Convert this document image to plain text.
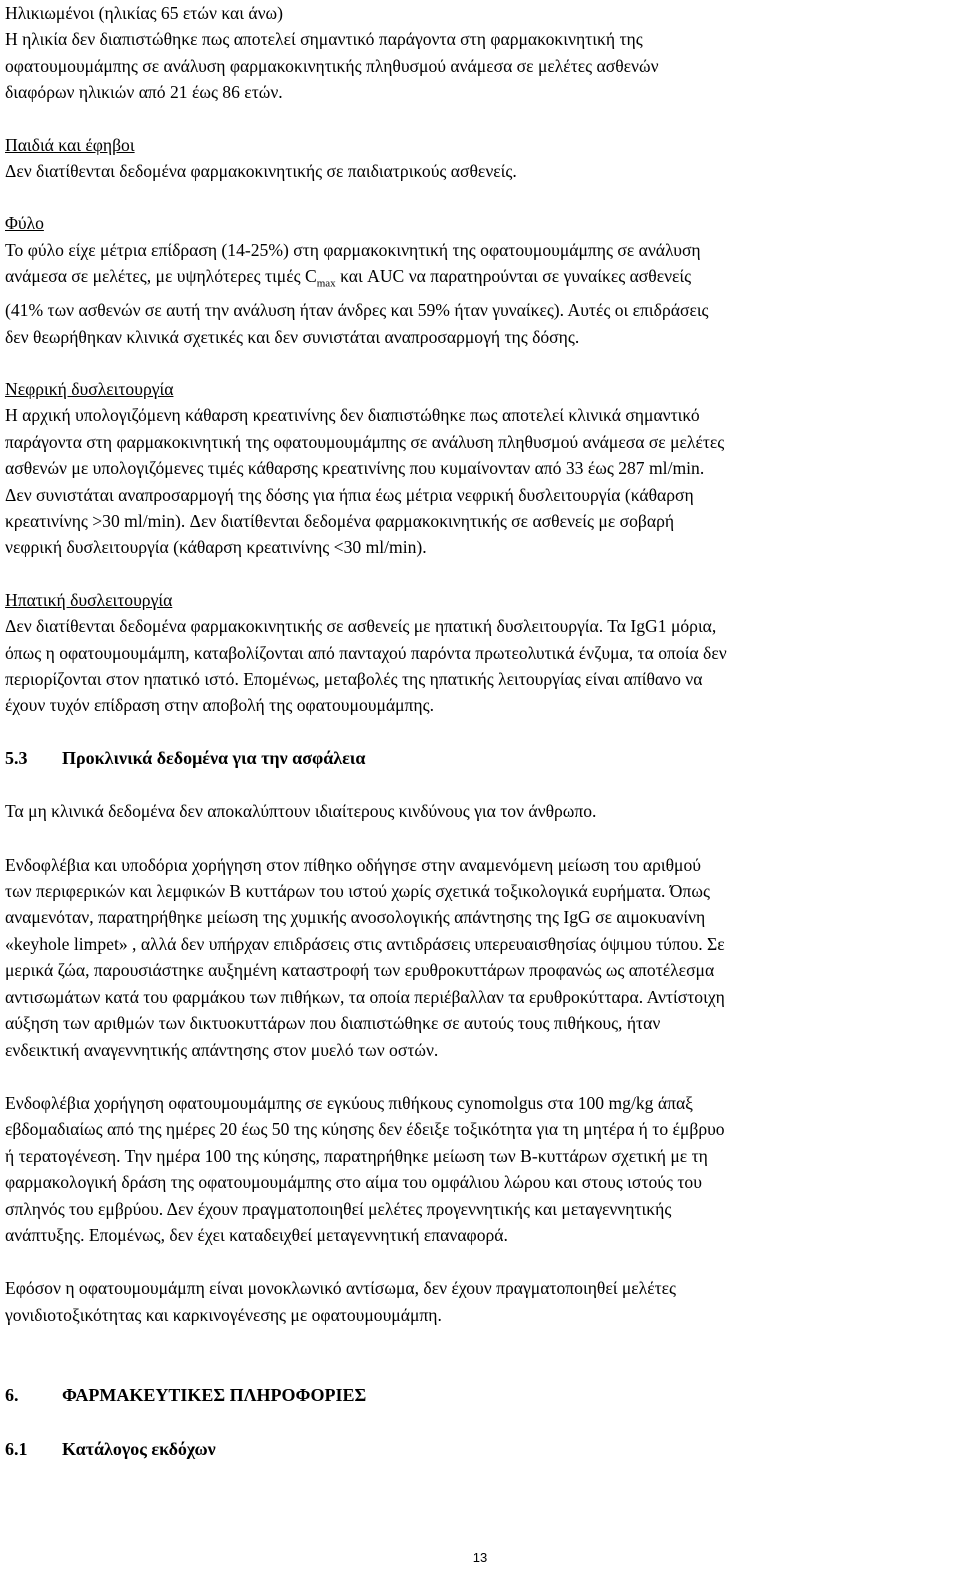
Ηλικιωμένοι (ηλικίας 65 ετών και άνω)

Η ηλικία δεν διαπιστώθηκε πως αποτελεί σημαντικό παράγοντα στη φαρμακοκινητική της

οφατουμουμάμπης σε ανάλυση φαρμακοκινητικής πληθυσμού ανάμεσα σε μελέτες ασθενών

διαφόρων ηλικιών από 21 έως 86 ετών.

Παιδιά και έφηβοι

Δεν διατίθενται δεδομένα φαρμακοκινητικής σε παιδιατρικούς ασθενείς.

Φύλο

Το φύλο είχε μέτρια επίδραση (14-25%) στη φαρμακοκινητική της οφατουμουμάμπης σε ανάλυση

ανάμεσα σε μελέτες, με υψηλότερες τιμές $C_{max}$ και AUC να παρατηρούνται σε γυναίκες ασθενείς

(41% των ασθενών σε αυτή την ανάλυση ήταν άνδρες και 59% ήταν γυναίκες). Αυτές οι επιδράσεις

δεν θεωρήθηκαν κλινικά σχετικές και δεν συνιστάται αναπροσαρμογή της δόσης.

Νεφρική δυσλειτουργία

Η αρχική υπολογιζόμενη κάθαρση κρεατινίνης δεν διαπιστώθηκε πως αποτελεί κλινικά σημαντικό

παράγοντα στη φαρμακοκινητική της οφατουμουμάμπης σε ανάλυση πληθυσμού ανάμεσα σε μελέτες

ασθενών με υπολογιζόμενες τιμές κάθαρσης κρεατινίνης που κυμαίνονταν από 33 έως 287 ml/min.

Δεν συνιστάται αναπροσαρμογή της δόσης για ήπια έως μέτρια νεφρική δυσλειτουργία (κάθαρση

κρεατινίνης >30 ml/min). Δεν διατίθενται δεδομένα φαρμακοκινητικής σε ασθενείς με σοβαρή

νεφρική δυσλειτουργία (κάθαρση κρεατινίνης <30 ml/min).

Ηπατική δυσλειτουργία

Δεν διατίθενται δεδομένα φαρμακοκινητικής σε ασθενείς με ηπατική δυσλειτουργία. Τα IgG1 μόρια,

όπως η οφατουμουμάμπη, καταβολίζονται από πανταχού παρόντα πρωτεολυτικά ένζυμα, τα οποία δεν

περιορίζονται στον ηπατικό ιστό. Επομένως, μεταβολές της ηπατικής λειτουργίας είναι απίθανο να

έχουν τυχόν επίδραση στην αποβολή της οφατουμουμάμπης.

5.3 Προκλινικά δεδομένα για την ασφάλεια

Τα μη κλινικά δεδομένα δεν αποκαλύπτουν ιδιαίτερους κινδύνους για τον άνθρωπο.

Ενδοφλέβια και υποδόρια χορήγηση στον πίθηκο οδήγησε στην αναμενόμενη μείωση του αριθμού

των περιφερικών και λεμφικών B κυττάρων του ιστού χωρίς σχετικά τοξικολογικά ευρήματα. Όπως

αναμενόταν, παρατηρήθηκε μείωση της χυμικής ανοσολογικής απάντησης της IgG σε αιμοκυανίνη

«keyhole limpet» , αλλά δεν υπήρχαν επιδράσεις στις αντιδράσεις υπερευαισθησίας όψιμου τύπου. Σε

μερικά ζώα, παρουσιάστηκε αυξημένη καταστροφή των ερυθροκυττάρων προφανώς ως αποτέλεσμα

αντισωμάτων κατά του φαρμάκου των πιθήκων, τα οποία περιέβαλλαν τα ερυθροκύτταρα. Αντίστοιχη

αύξηση των αριθμών των δικτυοκυττάρων που διαπιστώθηκε σε αυτούς τους πιθήκους, ήταν

ενδεικτική αναγεννητικής απάντησης στον μυελό των οστών.

Ενδοφλέβια χορήγηση οφατουμουμάμπης σε εγκύους πιθήκους cynomolgus στα 100 mg/kg άπαξ

εβδομαδιαίως από της ημέρες 20 έως 50 της κύησης δεν έδειξε τοξικότητα για τη μητέρα ή το έμβρυο

ή τερατογένεση. Την ημέρα 100 της κύησης, παρατηρήθηκε μείωση των B-κυττάρων σχετική με τη

φαρμακολογική δράση της οφατουμουμάμπης στο αίμα του ομφάλιου λώρου και στους ιστούς του

σπληνός του εμβρύου. Δεν έχουν πραγματοποιηθεί μελέτες προγεννητικής και μεταγεννητικής

ανάπτυξης. Επομένως, δεν έχει καταδειχθεί μεταγεννητική επαναφορά.

Εφόσον η οφατουμουμάμπη είναι μονοκλωνικό αντίσωμα, δεν έχουν πραγματοποιηθεί μελέτες

γονιδιοτοξικότητας και καρκινογένεσης με οφατουμουμάμπη.

6. ΦΑΡΜΑΚΕΥΤΙΚΕΣ ΠΛΗΡΟΦΟΡΙΕΣ

6.1 Κατάλογος εκδόχων

13
